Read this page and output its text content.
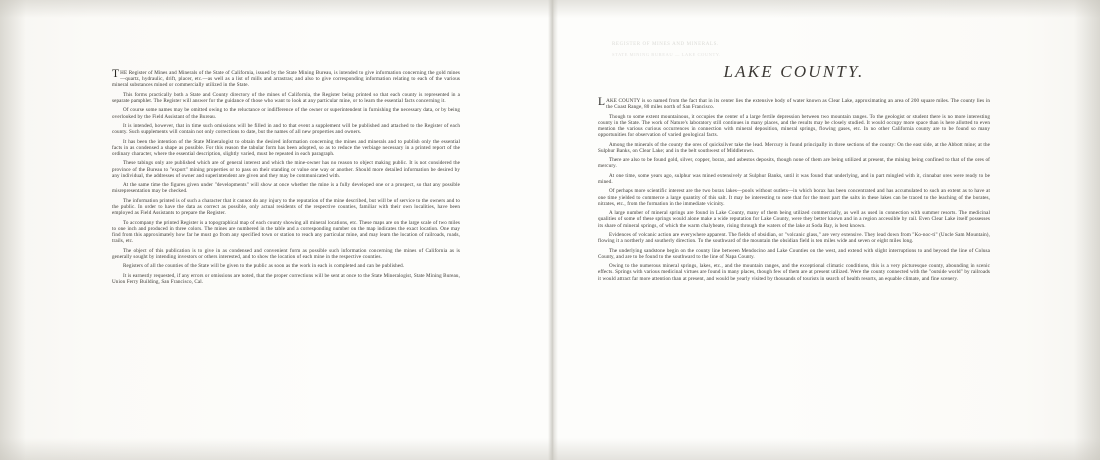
THE Register of Mines and Minerals of the State of California, issued by the State Mining Bureau, is intended to give information concerning the gold mines—quartz, hydraulic, drift, placer, etc.—as well as a list of mills and arrastras; and also to give corresponding information relating to each of the various mineral substances mined or commercially utilized in the State.

This forms practically both a State and County directory of the mines of California, the Register being printed so that each county is represented in a separate pamphlet. The Register will answer for the guidance of those who want to look at any particular mine, or to learn the essential facts concerning it.

Of course some names may be omitted owing to the reluctance or indifference of the owner or superintendent in furnishing the necessary data, or by being overlooked by the Field Assistant of the Bureau.

It is intended, however, that in time such omissions will be filled in and to that event a supplement will be published and attached to the Register of each county. Such supplements will contain not only corrections to date, but the names of all new properties and owners.

It has been the intention of the State Mineralogist to obtain the desired information concerning the mines and minerals and to publish only the essential facts in as condensed a shape as possible. For this reason the tabular form has been adopted, so as to reduce the verbiage necessary in a printed report of the ordinary character, where the essential description, slightly varied, must be repeated in each paragraph.

These tabings only are published which are of general interest and which the mine-owner has no reason to object making public. It is not considered the province of the Bureau to "export" mining properties or to pass on their standing or value one way or another. Should more detailed information be desired by any individual, the addresses of owner and superintendent are given and they may be communicated with.

At the same time the figures given under "developments" will show at once whether the mine is a fully developed one or a prospect, so that any possible misrepresentation may be checked.

The information printed is of such a character that it cannot do any injury to the reputation of the mine described, but will be of service to the owners and to the public. In order to have the data as correct as possible, only actual residents of the respective counties, familiar with their own localities, have been employed as Field Assistants to prepare the Register.

To accompany the printed Register is a topographical map of each county showing all mineral locations, etc. These maps are on the large scale of two miles to one inch and produced in three colors. The mines are numbered in the table and a corresponding number on the map indicates the exact location. One may find from this approximately how far he must go from any specified town or station to reach any particular mine, and may learn the location of railroads, roads, trails, etc.

The object of this publication is to give in as condensed and convenient form as possible such information concerning the mines of California as is generally sought by intending investors or others interested, and to show the location of each mine in the respective counties.

Registers of all the counties of the State will be given to the public as soon as the work in each is completed and can be published.

It is earnestly requested, if any errors or omissions are noted, that the proper corrections will be sent at once to the State Mineralogist, State Mining Bureau, Union Ferry Building, San Francisco, Cal.

REGISTER OF MINES AND MINERALS.
STATE MINING BUREAU — LAKE COUNTY.
LAKE COUNTY.

LAKE COUNTY is so named from the fact that in its center lies the extensive body of water known as Clear Lake, approximating an area of 200 square miles. The county lies in the Coast Range, 80 miles north of San Francisco.

Though to some extent mountainous, it occupies the center of a large fertile depression between two mountain ranges. To the geologist or student there is no more interesting county in the State. The work of Nature's laboratory still continues in many places, and the results may be closely studied. It would occupy more space than is here allotted to even mention the various curious occurrences in connection with mineral deposition, mineral springs, flowing gases, etc. In no other California county are to be found so many opportunities for observation of varied geological facts.

Among the minerals of the county the ores of quicksilver take the lead. Mercury is found principally in three sections of the county: On the east side, at the Abbott mine; at the Sulphur Banks, on Clear Lake; and in the belt southwest of Middletown.

There are also to be found gold, silver, copper, borax, and asbestos deposits, though none of them are being utilized at present, the mining being confined to that of the ores of mercury.

At one time, some years ago, sulphur was mined extensively at Sulphur Banks, until it was found that underlying, and in part mingled with it, cinnabar ores were ready to be mined.

Of perhaps more scientific interest are the two borax lakes—pools without outlets—in which borax has been concentrated and has accumulated to such an extent as to have at one time yielded to commerce a large quantity of this salt. It may be interesting to note that for the most part the salts in these lakes can be traced to the leaching of the borates, nitrates, etc., from the formation in the immediate vicinity.

A large number of mineral springs are found in Lake County, many of them being utilized commercially, as well as used in connection with summer resorts. The medicinal qualities of some of these springs would alone make a wide reputation for Lake County, were they better known and in a region accessible by rail. Even Clear Lake itself possesses its share of mineral springs, of which the warm chalybeate, rising through the waters of the lake at Soda Bay, is best known.

Evidences of volcanic action are everywhere apparent. The fields of obsidian, or "volcanic glass," are very extensive. They lead down from "Ko-noc-ti" (Uncle Sam Mountain), flowing it a northerly and southerly direction. To the southward of the mountain the obsidian field is ten miles wide and seven or eight miles long.

The underlying sandstone begin on the county line between Mendocino and Lake Counties on the west, and extend with slight interruptions to and beyond the line of Colusa County, and are to be found to the southward to the line of Napa County.

Owing to the numerous mineral springs, lakes, etc., and the mountain ranges, and the exceptional climatic conditions, this is a very picturesque county, abounding in scenic effects. Springs with various medicinal virtues are found in many places, though few of them are at present utilized. Were the county connected with the "outside world" by railroads it would attract far more attention than at present, and would be yearly visited by thousands of tourists in search of health resorts, an equable climate, and fine scenery.
